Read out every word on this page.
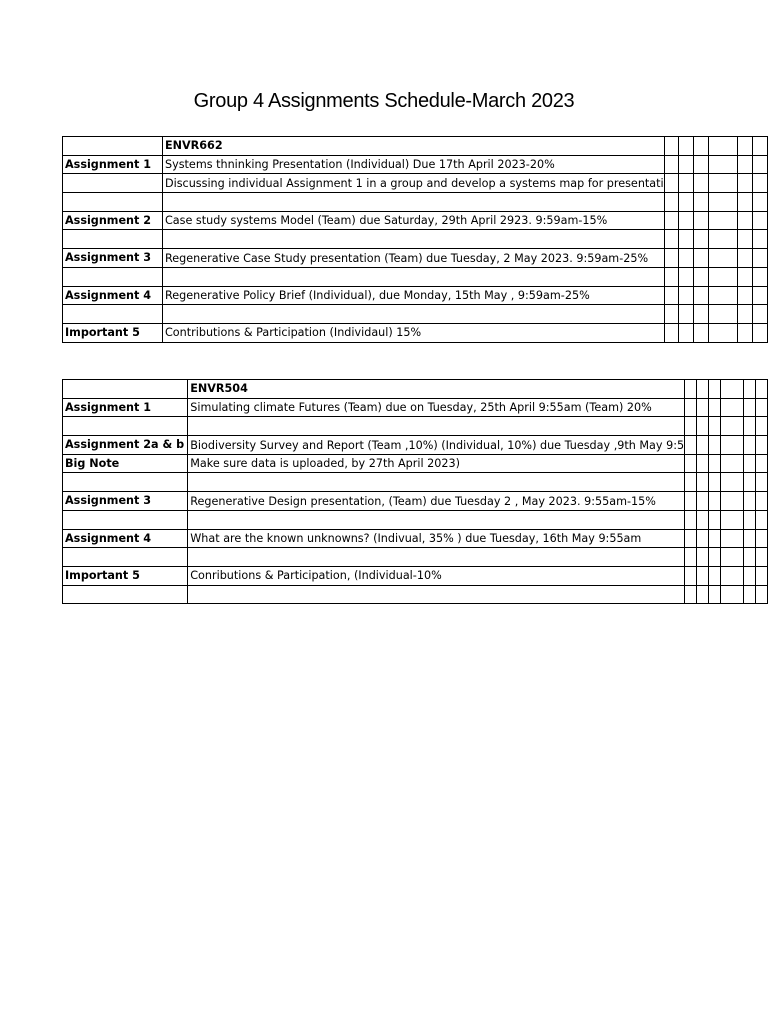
Group 4 Assignments Schedule-March 2023
	ENVR662						
Assignment 1	Systems thninking Presentation (Individual) Due 17th April 2023-20%						
	Discussing individual Assignment 1 in a group and develop a systems map for presentati						

Assignment 2	Case study systems Model (Team) due Saturday, 29th April 2923. 9:59am-15%						

Assignment 3	Regenerative Case Study presentation (Team) due Tuesday, 2 May 2023. 9:59am-25%						

Assignment 4	Regenerative Policy Brief (Individual), due Monday, 15th May , 9:59am-25%						

Important 5	Contributions & Participation (Individaul) 15%						
	ENVR504						
Assignment 1	Simulating climate Futures (Team) due on Tuesday, 25th April 9:55am (Team) 20%						

Assignment 2a & b	Biodiversity Survey and Report (Team ,10%) (Individual, 10%) due Tuesday ,9th May 9:5						
Big Note	Make sure data is uploaded, by 27th April 2023)						

Assignment 3	Regenerative Design presentation, (Team) due Tuesday 2 , May 2023. 9:55am-15%						

Assignment 4	What are the known unknowns? (Indivual, 35% ) due Tuesday, 16th May 9:55am						

Important 5	Conributions & Participation, (Individual-10%						
